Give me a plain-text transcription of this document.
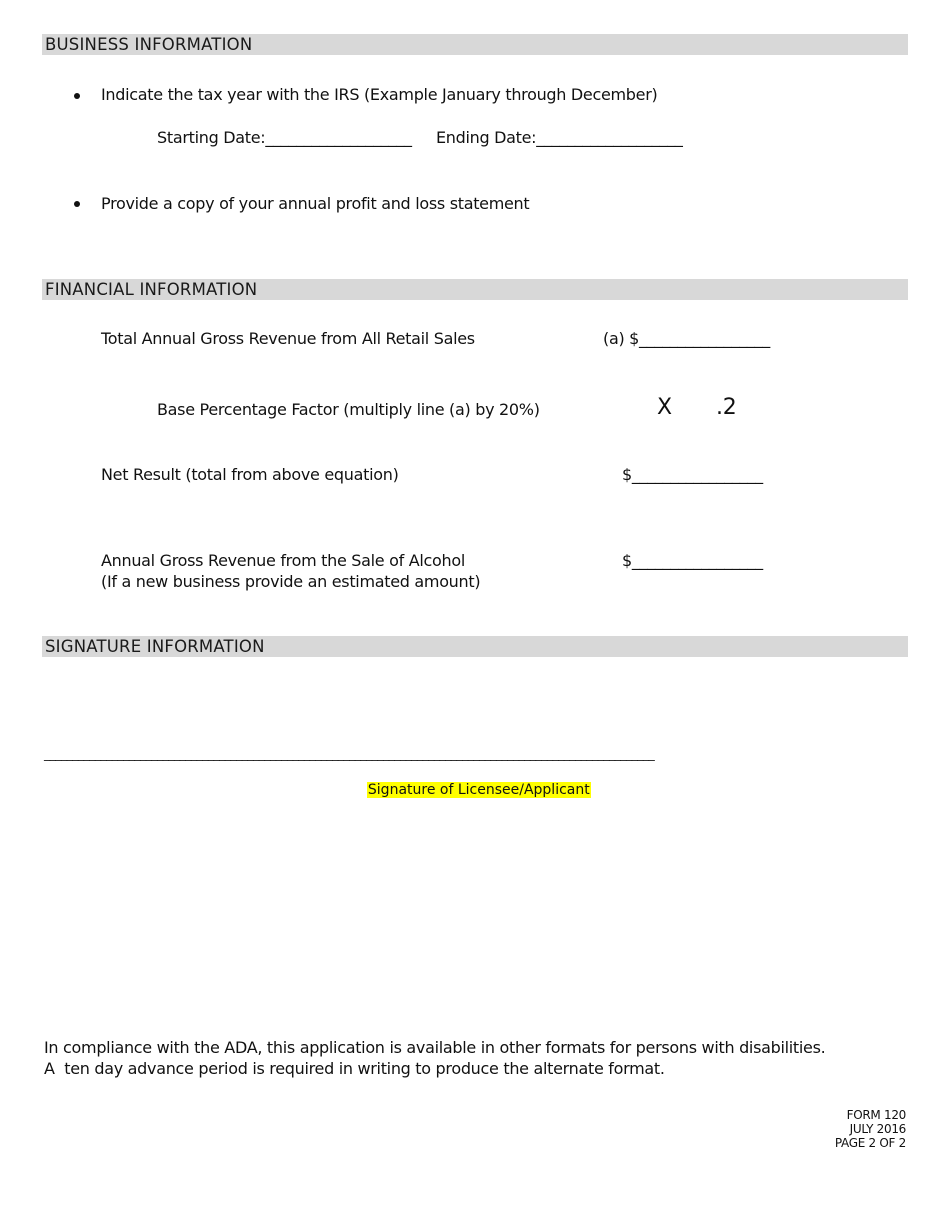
BUSINESS INFORMATION
FINANCIAL INFORMATION
SIGNATURE INFORMATION
Indicate the tax year with the IRS (Example January through December)
Starting Date:___________________ Ending Date:___________________
Provide a copy of your annual profit and loss statement
Total Annual Gross Revenue from All Retail Sales	(a) $_________________
Base Percentage Factor (multiply line (a) by 20%)	X .2
Net Result (total from above equation)	$_________________
Annual Gross Revenue from the Sale of Alcohol
(If a new business provide an estimated amount)
$_________________
____________________________________________________________________________________________________________

Signature of Licensee/Applicant

In compliance with the ADA, this application is available in other formats for persons with disabilities.
A  ten day advance period is required in writing to produce the alternate format.
FORM 120
JULY 2016
PAGE 2 OF 2
